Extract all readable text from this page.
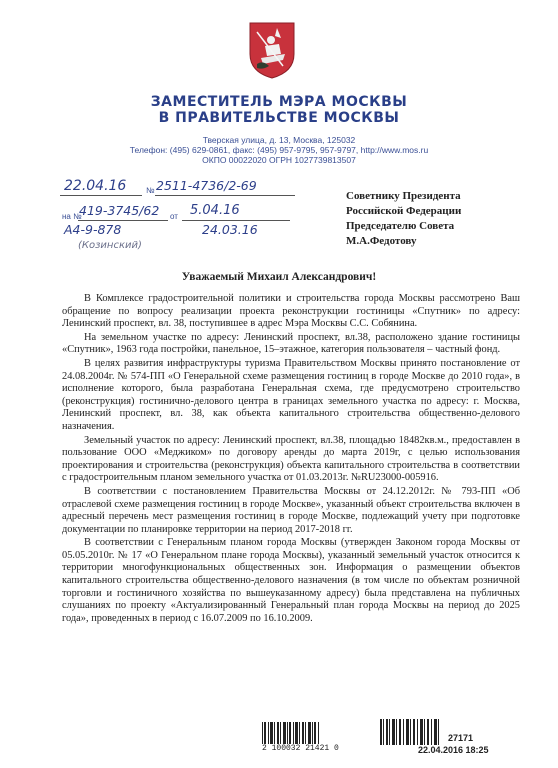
ЗАМЕСТИТЕЛЬ МЭРА МОСКВЫ
В ПРАВИТЕЛЬСТВЕ МОСКВЫ
Тверская улица, д. 13, Москва, 125032
Телефон: (495) 629-0861, факс: (495) 957-9795, 957-9797, http://www.mos.ru
ОКПО 00022020 ОГРН 1027739813507
22.04.16 № 2511-4736/2-69
на №
419-3745/62 от 5.04.16
А4-9-878	24.03.16
(Козинский)
Советнику Президента
Российской Федерации
Председателю Совета
М.А.Федотову
Уважаемый Михаил Александрович!

В Комплексе градостроительной политики и строительства города Москвы рассмотрено Ваш обращение по вопросу реализации проекта реконструкции гостиницы «Спутник» по адресу: Ленинский проспект, вл. 38, поступившее в адрес Мэра Москвы С.С. Собянина.

На земельном участке по адресу: Ленинский проспект, вл.38, расположено здание гостиницы «Спутник», 1963 года постройки, панельное, 15–этажное, категория пользователя – частный фонд.

В целях развития инфраструктуры туризма Правительством Москвы принято постановление от 24.08.2004г. № 574-ПП «О Генеральной схеме размещения гостиниц в городе Москве до 2010 года», в исполнение которого, была разработана Генеральная схема, где предусмотрено строительство (реконструкция) гостинично-делового центра в границах земельного участка по адресу: г. Москва, Ленинский проспект, вл. 38, как объекта капитального строительства общественно-делового назначения.

Земельный участок по адресу: Ленинский проспект, вл.38, площадью 18482кв.м., предоставлен в пользование ООО «Меджиком» по договору аренды до марта 2019г, с целью использования проектирования и строительства (реконструкция) объекта капитального строительства в соответствии с градостроительным планом земельного участка от 01.03.2013г. №RU23000-005916.

В соответствии с постановлением Правительства Москвы от 24.12.2012г. № 793-ПП «Об отраслевой схеме размещения гостиниц в городе Москве», указанный объект строительства включен в адресный перечень мест размещения гостиниц в городе Москве, подлежащий учету при подготовке документации по планировке территории на период 2017-2018 гг.

В соответствии с Генеральным планом города Москвы (утвержден Законом города Москвы от 05.05.2010г. № 17 «О Генеральном плане города Москвы), указанный земельный участок относится к территории многофункциональных общественных зон. Информация о размещении объектов капитального строительства общественно-делового назначения (в том числе по объектам розничной торговли и гостиничного хозяйства по вышеуказанному адресу) была представлена на публичных слушаниях по проекту «Актуализированный Генеральный план города Москвы на период до 2025 года», проведенных в период с 16.07.2009 по 16.10.2009.

2 100032 21421 0
27171
22.04.2016 18:25
